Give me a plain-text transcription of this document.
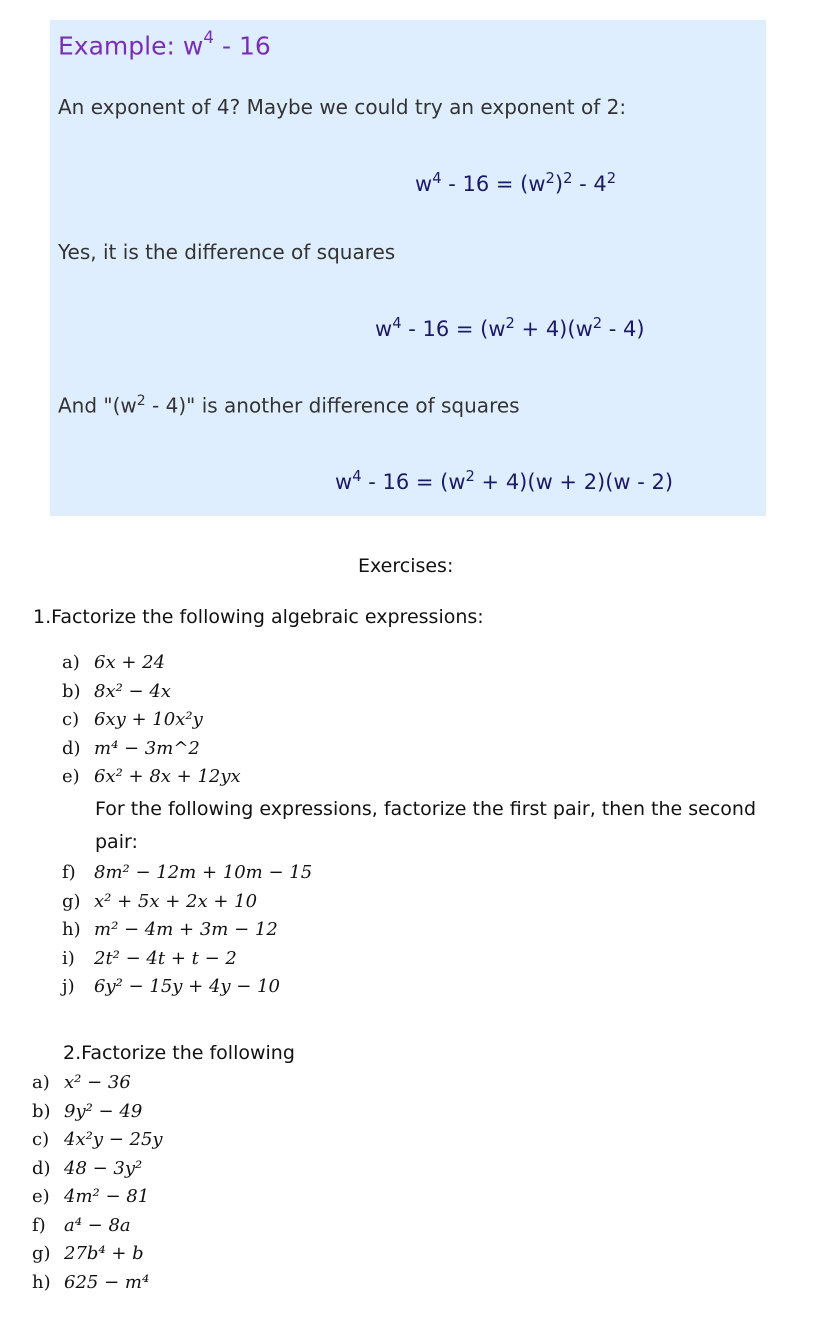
Example: $w^4 - 16$
An exponent of 4? Maybe we could try an exponent of 2:
$w^4 - 16 = (w^2)^2 - 4^2$
Yes, it is the difference of squares
$w^4 - 16 = (w^2 + 4)(w^2 - 4)$
And "$(w^2 - 4)$" is another difference of squares
$w^4 - 16 = (w^2 + 4)(w + 2)(w - 2)$
Exercises:
1.Factorize the following algebraic expressions:
a) 6x + 24
b) 8x² − 4x
c) 6xy + 10x²y
d) m⁴ − 3m^2
e) 6x² + 8x + 12yx
For the following expressions, factorize the first pair, then the second pair:
f) 8m² − 12m + 10m − 15
g) x² + 5x + 2x + 10
h) m² − 4m + 3m − 12
i) 2t² − 4t + t − 2
j) 6y² − 15y + 4y − 10
2.Factorize the following
a) x² − 36
b) 9y² − 49
c) 4x²y − 25y
d) 48 − 3y²
e) 4m² − 81
f) a⁴ − 8a
g) 27b⁴ + b
h) 625 − m⁴
